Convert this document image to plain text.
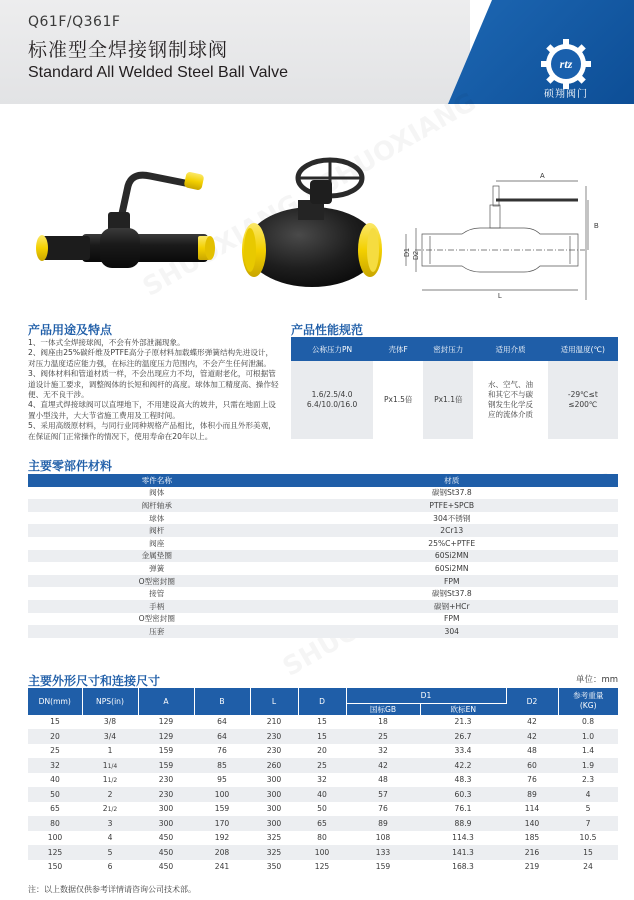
Q61F/Q361F
标准型全焊接钢制球阀
Standard All Welded Steel Ball Valve	rtz
硕翔阀门
A
B
L
D1 D2
产品用途及特点

1、一体式全焊接球阀，不会有外部泄漏现象。

2、阀座由25%碳纤维及PTFE高分子原材料加载蝶形弹簧结构先进设计，对压力温度适应能力强，在标注的温度压力范围内，不会产生任何泄漏。

3、阀体材料和管道材质一样，不会出现应力不均，管道耐老化，可根据管道设计施工要求，调整阀体的长短和阀杆的高度。球体加工精度高、操作轻便、无不良干涉。

4、直埋式焊接球阀可以直埋地下，不用建设高大的坡井，只需在地面上设置小型浅井，大大节省施工费用及工程时间。

5、采用高级原材料，与同行业同种规格产品相比，体积小而且外形美观，在保证阀门正常操作的情况下，使用寿命在20年以上。

产品性能规范
公称压力PN	壳体F	密封压力	适用介质	适用温度(℃)
1.6/2.5/4.0
6.4/10.0/16.0	Px1.5倍	Px1.1倍	水、空气、油
和其它不与碳
钢发生化学反
应的流体介质	-29℃≤t
≤200℃
主要零部件材料
零件名称	材质
阀体	碳钢St37.8
阀杆轴承	PTFE+SPCB
球体	304不锈钢
阀杆	2Cr13
阀座	25%C+PTFE
金属垫圈	60Si2MN
弹簧	60Si2MN
O型密封圈	FPM
接管	碳钢St37.8
手柄	碳钢+HCr
O型密封圈	FPM
压套	304
主要外形尺寸和连接尺寸	单位：mm
DN(mm)	NPS(in)	A	B	L	D	D1		D2	参考重量
(KG)
						国标GB	欧标EN		
15	3/8	129	64	210	15	18	21.3	42	0.8
20	3/4	129	64	230	15	25	26.7	42	1.0
25	1	159	76	230	20	32	33.4	48	1.4
32	11/4	159	85	260	25	42	42.2	60	1.9
40	11/2	230	95	300	32	48	48.3	76	2.3
50	2	230	100	300	40	57	60.3	89	4
65	21/2	300	159	300	50	76	76.1	114	5
80	3	300	170	300	65	89	88.9	140	7
100	4	450	192	325	80	108	114.3	185	10.5
125	5	450	208	325	100	133	141.3	216	15
150	6	450	241	350	125	159	168.3	219	24
注：以上数据仅供参考详情请咨询公司技术部。
